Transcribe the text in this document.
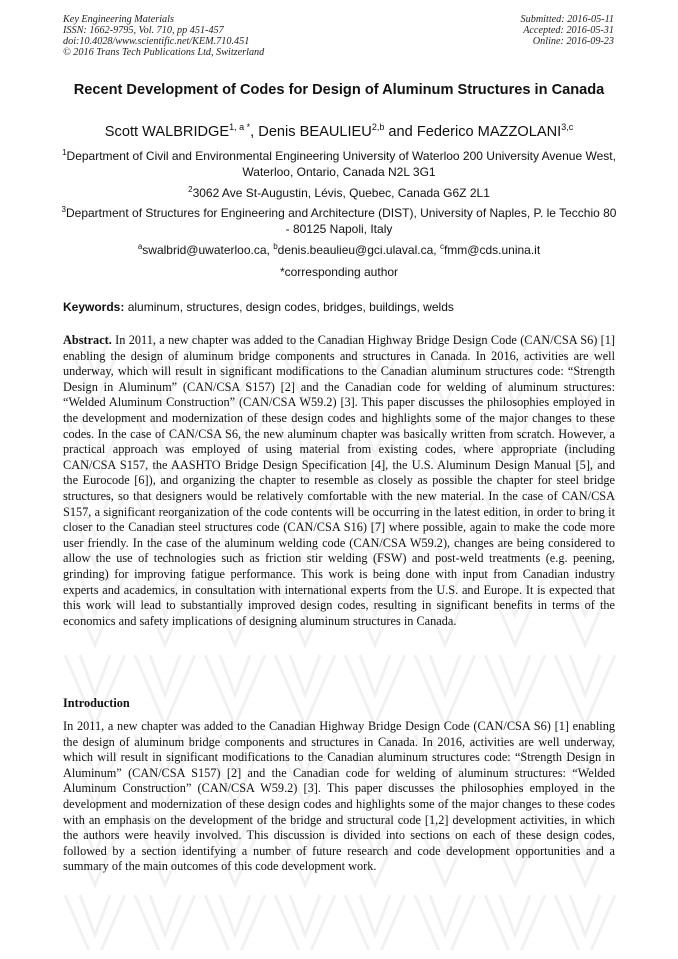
Key Engineering Materials
ISSN: 1662-9795, Vol. 710, pp 451-457
doi:10.4028/www.scientific.net/KEM.710.451
© 2016 Trans Tech Publications Ltd, Switzerland
Submitted: 2016-05-11
Accepted: 2016-05-31
Online: 2016-09-23
Recent Development of Codes for Design of Aluminum Structures in Canada
Scott $WALBRIDGE^{1, a *}$, Denis BEAULIEU$^{2,b}$ and Federico MAZZOLANI$^{3,c}$
$^1$Department of Civil and Environmental Engineering University of Waterloo 200 University Avenue West, Waterloo, Ontario, Canada N2L 3G1
$^2$3062 Ave St-Augustin, Lévis, Quebec, Canada G6Z 2L1
$^3$Department of Structures for Engineering and Architecture (DIST), University of Naples, P. le Tecchio 80 - 80125 Napoli, Italy
$^a$swalbrid@uwaterloo.ca, $^b$denis.beaulieu@gci.ulaval.ca, $^c$fmm@cds.unina.it
*corresponding author
Keywords: aluminum, structures, design codes, bridges, buildings, welds

Abstract. In 2011, a new chapter was added to the Canadian Highway Bridge Design Code (CAN/CSA S6) [1] enabling the design of aluminum bridge components and structures in Canada. In 2016, activities are well underway, which will result in significant modifications to the Canadian aluminum structures code: “Strength Design in Aluminum” (CAN/CSA S157) [2] and the Canadian code for welding of aluminum structures: “Welded Aluminum Construction” (CAN/CSA W59.2) [3]. This paper discusses the philosophies employed in the development and modernization of these design codes and highlights some of the major changes to these codes. In the case of CAN/CSA S6, the new aluminum chapter was basically written from scratch. However, a practical approach was employed of using material from existing codes, where appropriate (including CAN/CSA S157, the AASHTO Bridge Design Specification [4], the U.S. Aluminum Design Manual [5], and the Eurocode [6]), and organizing the chapter to resemble as closely as possible the chapter for steel bridge structures, so that designers would be relatively comfortable with the new material. In the case of CAN/CSA S157, a significant reorganization of the code contents will be occurring in the latest edition, in order to bring it closer to the Canadian steel structures code (CAN/CSA S16) [7] where possible, again to make the code more user friendly. In the case of the aluminum welding code (CAN/CSA W59.2), changes are being considered to allow the use of technologies such as friction stir welding (FSW) and post-weld treatments (e.g. peening, grinding) for improving fatigue performance. This work is being done with input from Canadian industry experts and academics, in consultation with international experts from the U.S. and Europe. It is expected that this work will lead to substantially improved design codes, resulting in significant benefits in terms of the economics and safety implications of designing aluminum structures in Canada.

Introduction

In 2011, a new chapter was added to the Canadian Highway Bridge Design Code (CAN/CSA S6) [1] enabling the design of aluminum bridge components and structures in Canada. In 2016, activities are well underway, which will result in significant modifications to the Canadian aluminum structures code: “Strength Design in Aluminum” (CAN/CSA S157) [2] and the Canadian code for welding of aluminum structures: “Welded Aluminum Construction” (CAN/CSA W59.2) [3]. This paper discusses the philosophies employed in the development and modernization of these design codes and highlights some of the major changes to these codes with an emphasis on the development of the bridge and structural code [1,2] development activities, in which the authors were heavily involved. This discussion is divided into sections on each of these design codes, followed by a section identifying a number of future research and code development opportunities and a summary of the main outcomes of this code development work.
